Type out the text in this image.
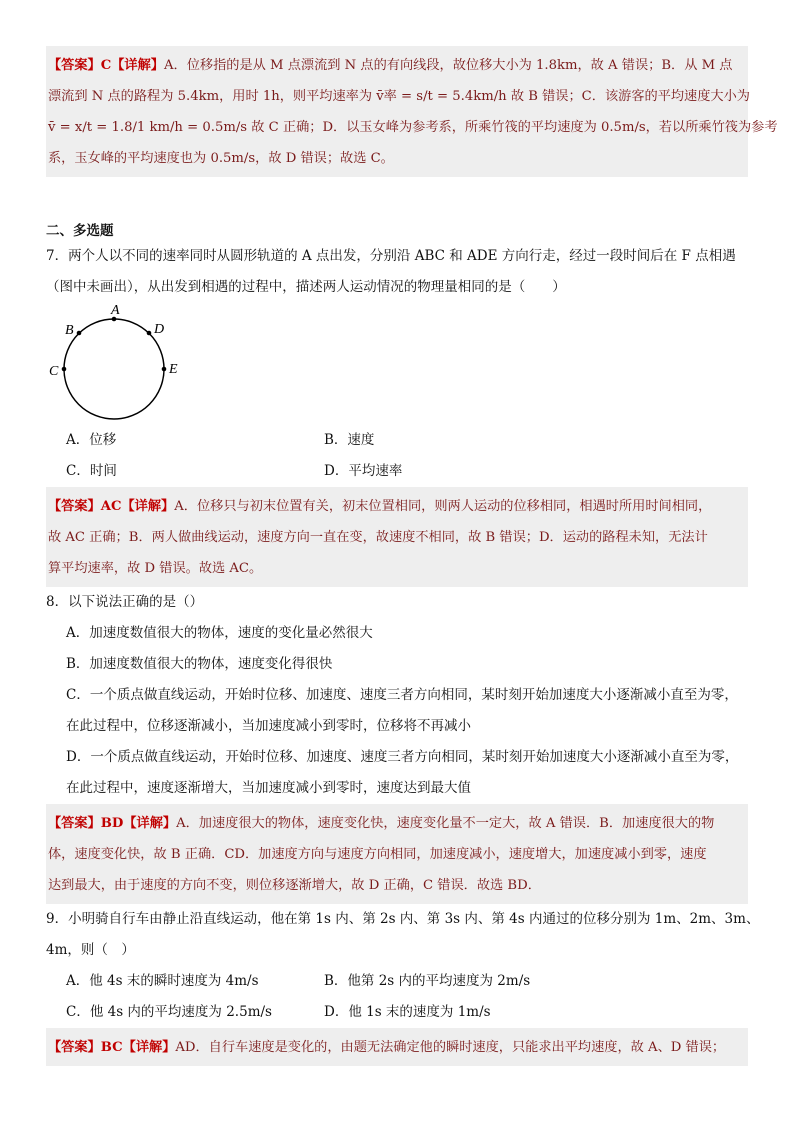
【答案】C【详解】A．位移指的是从 M 点漂流到 N 点的有向线段，故位移大小为 1.8km，故 A 错误；B．从 M 点
漂流到 N 点的路程为 5.4km，用时 1h，则平均速率为 v̄率 = s/t = 5.4km/h 故 B 错误；C．该游客的平均速度大小为
v̄ = x/t = 1.8/1 km/h = 0.5m/s 故 C 正确；D．以玉女峰为参考系，所乘竹筏的平均速度为 0.5m/s，若以所乘竹筏为参考
系，玉女峰的平均速度也为 0.5m/s，故 D 错误；故选 C。
二、多选题
7．两个人以不同的速率同时从圆形轨道的 A 点出发，分别沿 ABC 和 ADE 方向行走，经过一段时间后在 F 点相遇
（图中未画出），从出发到相遇的过程中，描述两人运动情况的物理量相同的是（　　）
A
B	D
C	E
A．位移	B．速度
C．时间	D．平均速率
【答案】AC【详解】A．位移只与初末位置有关，初末位置相同，则两人运动的位移相同，相遇时所用时间相同，
故 AC 正确；B．两人做曲线运动，速度方向一直在变，故速度不相同，故 B 错误；D．运动的路程未知，无法计
算平均速率，故 D 错误。故选 AC。
8．以下说法正确的是（）
A．加速度数值很大的物体，速度的变化量必然很大
B．加速度数值很大的物体，速度变化得很快
C．一个质点做直线运动，开始时位移、加速度、速度三者方向相同，某时刻开始加速度大小逐渐减小直至为零，
在此过程中，位移逐渐减小，当加速度减小到零时，位移将不再减小
D．一个质点做直线运动，开始时位移、加速度、速度三者方向相同，某时刻开始加速度大小逐渐减小直至为零，
在此过程中，速度逐渐增大，当加速度减小到零时，速度达到最大值
【答案】BD【详解】A．加速度很大的物体，速度变化快，速度变化量不一定大，故 A 错误．B．加速度很大的物
体，速度变化快，故 B 正确．CD．加速度方向与速度方向相同，加速度减小，速度增大，加速度减小到零，速度
达到最大，由于速度的方向不变，则位移逐渐增大，故 D 正确，C 错误．故选 BD．
9．小明骑自行车由静止沿直线运动，他在第 1s 内、第 2s 内、第 3s 内、第 4s 内通过的位移分别为 1m、2m、3m、
4m，则（　）
A．他 4s 末的瞬时速度为 4m/s	B．他第 2s 内的平均速度为 2m/s
C．他 4s 内的平均速度为 2.5m/s	D．他 1s 末的速度为 1m/s
【答案】BC【详解】AD．自行车速度是变化的，由题无法确定他的瞬时速度，只能求出平均速度，故 A、D 错误；
